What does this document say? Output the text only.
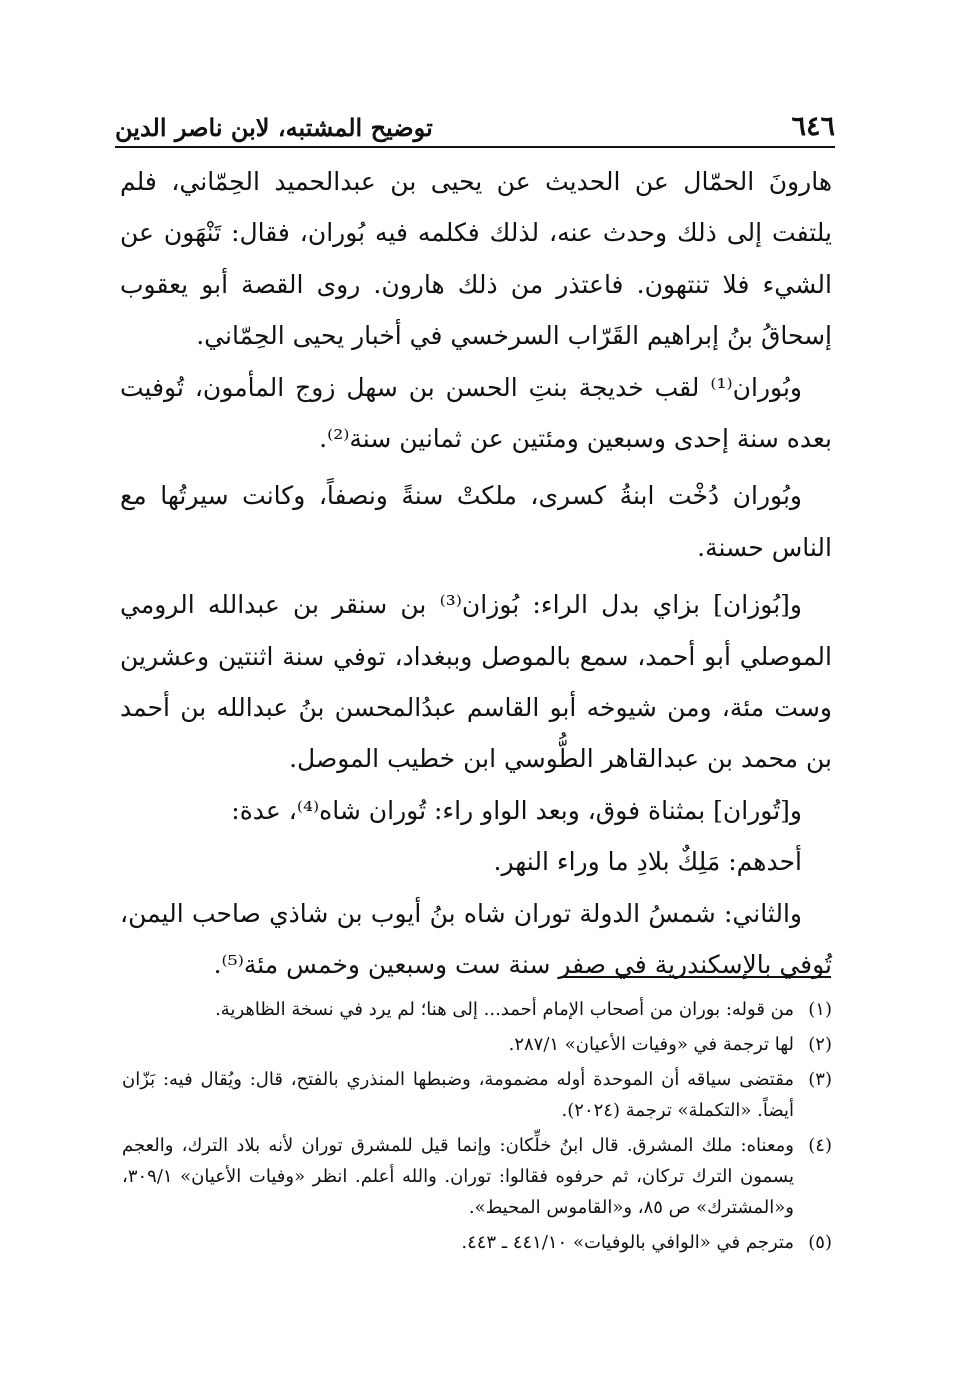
٦٤٦
توضيح المشتبه، لابن ناصر الدين

هارونَ الحمّال عن الحديث عن يحيى بن عبدالحميد الحِمّاني، فلم يلتفت إلى ذلك وحدث عنه، لذلك فكلمه فيه بُوران، فقال: تَنْهَون عن الشيء فلا تنتهون. فاعتذر من ذلك هارون. روى القصة أبو يعقوب إسحاقُ بنُ إبراهيم القَرّاب السرخسي في أخبار يحيى الحِمّاني.

وبُوران⁽¹⁾ لقب خديجة بنتِ الحسن بن سهل زوج المأمون، تُوفيت بعده سنة إحدى وسبعين ومئتين عن ثمانين سنة⁽²⁾.

وبُوران دُخْت ابنةُ كسرى، ملكتْ سنةً ونصفاً، وكانت سيرتُها مع الناس حسنة.

و[بُوزان] بزاي بدل الراء: بُوزان⁽³⁾ بن سنقر بن عبدالله الرومي الموصلي أبو أحمد، سمع بالموصل وببغداد، توفي سنة اثنتين وعشرين وست مئة، ومن شيوخه أبو القاسم عبدُالمحسن بنُ عبدالله بن أحمد بن محمد بن عبدالقاهر الطُّوسي ابن خطيب الموصل.

و[تُوران] بمثناة فوق، وبعد الواو راء: تُوران شاه⁽⁴⁾، عدة:

أحدهم: مَلِكٌ بلادِ ما وراء النهر.

والثاني: شمسُ الدولة توران شاه بنُ أيوب بن شاذي صاحب اليمن، تُوفي بالإسكندرية في صفر سنة ست وسبعين وخمس مئة⁽⁵⁾.

(١)
من قوله: بوران من أصحاب الإمام أحمد... إلى هنا؛ لم يرد في نسخة الظاهرية.
(٢)
لها ترجمة في «وفيات الأعيان» ٢٨٧/١.
(٣)
مقتضى سياقه أن الموحدة أوله مضمومة، وضبطها المنذري بالفتح، قال: ويُقال فيه: بَزّان أيضاً. «التكملة» ترجمة (٢٠٢٤).
(٤)
ومعناه: ملك المشرق. قال ابنُ خلِّكان: وإنما قيل للمشرق توران لأنه بلاد الترك، والعجم يسمون الترك تركان، ثم حرفوه فقالوا: توران. والله أعلم. انظر «وفيات الأعيان» ٣٠٩/١، و«المشترك» ص ٨٥، و«القاموس المحيط».
(٥)
مترجم في «الوافي بالوفيات» ٤٤١/١٠ ـ ٤٤٣.
